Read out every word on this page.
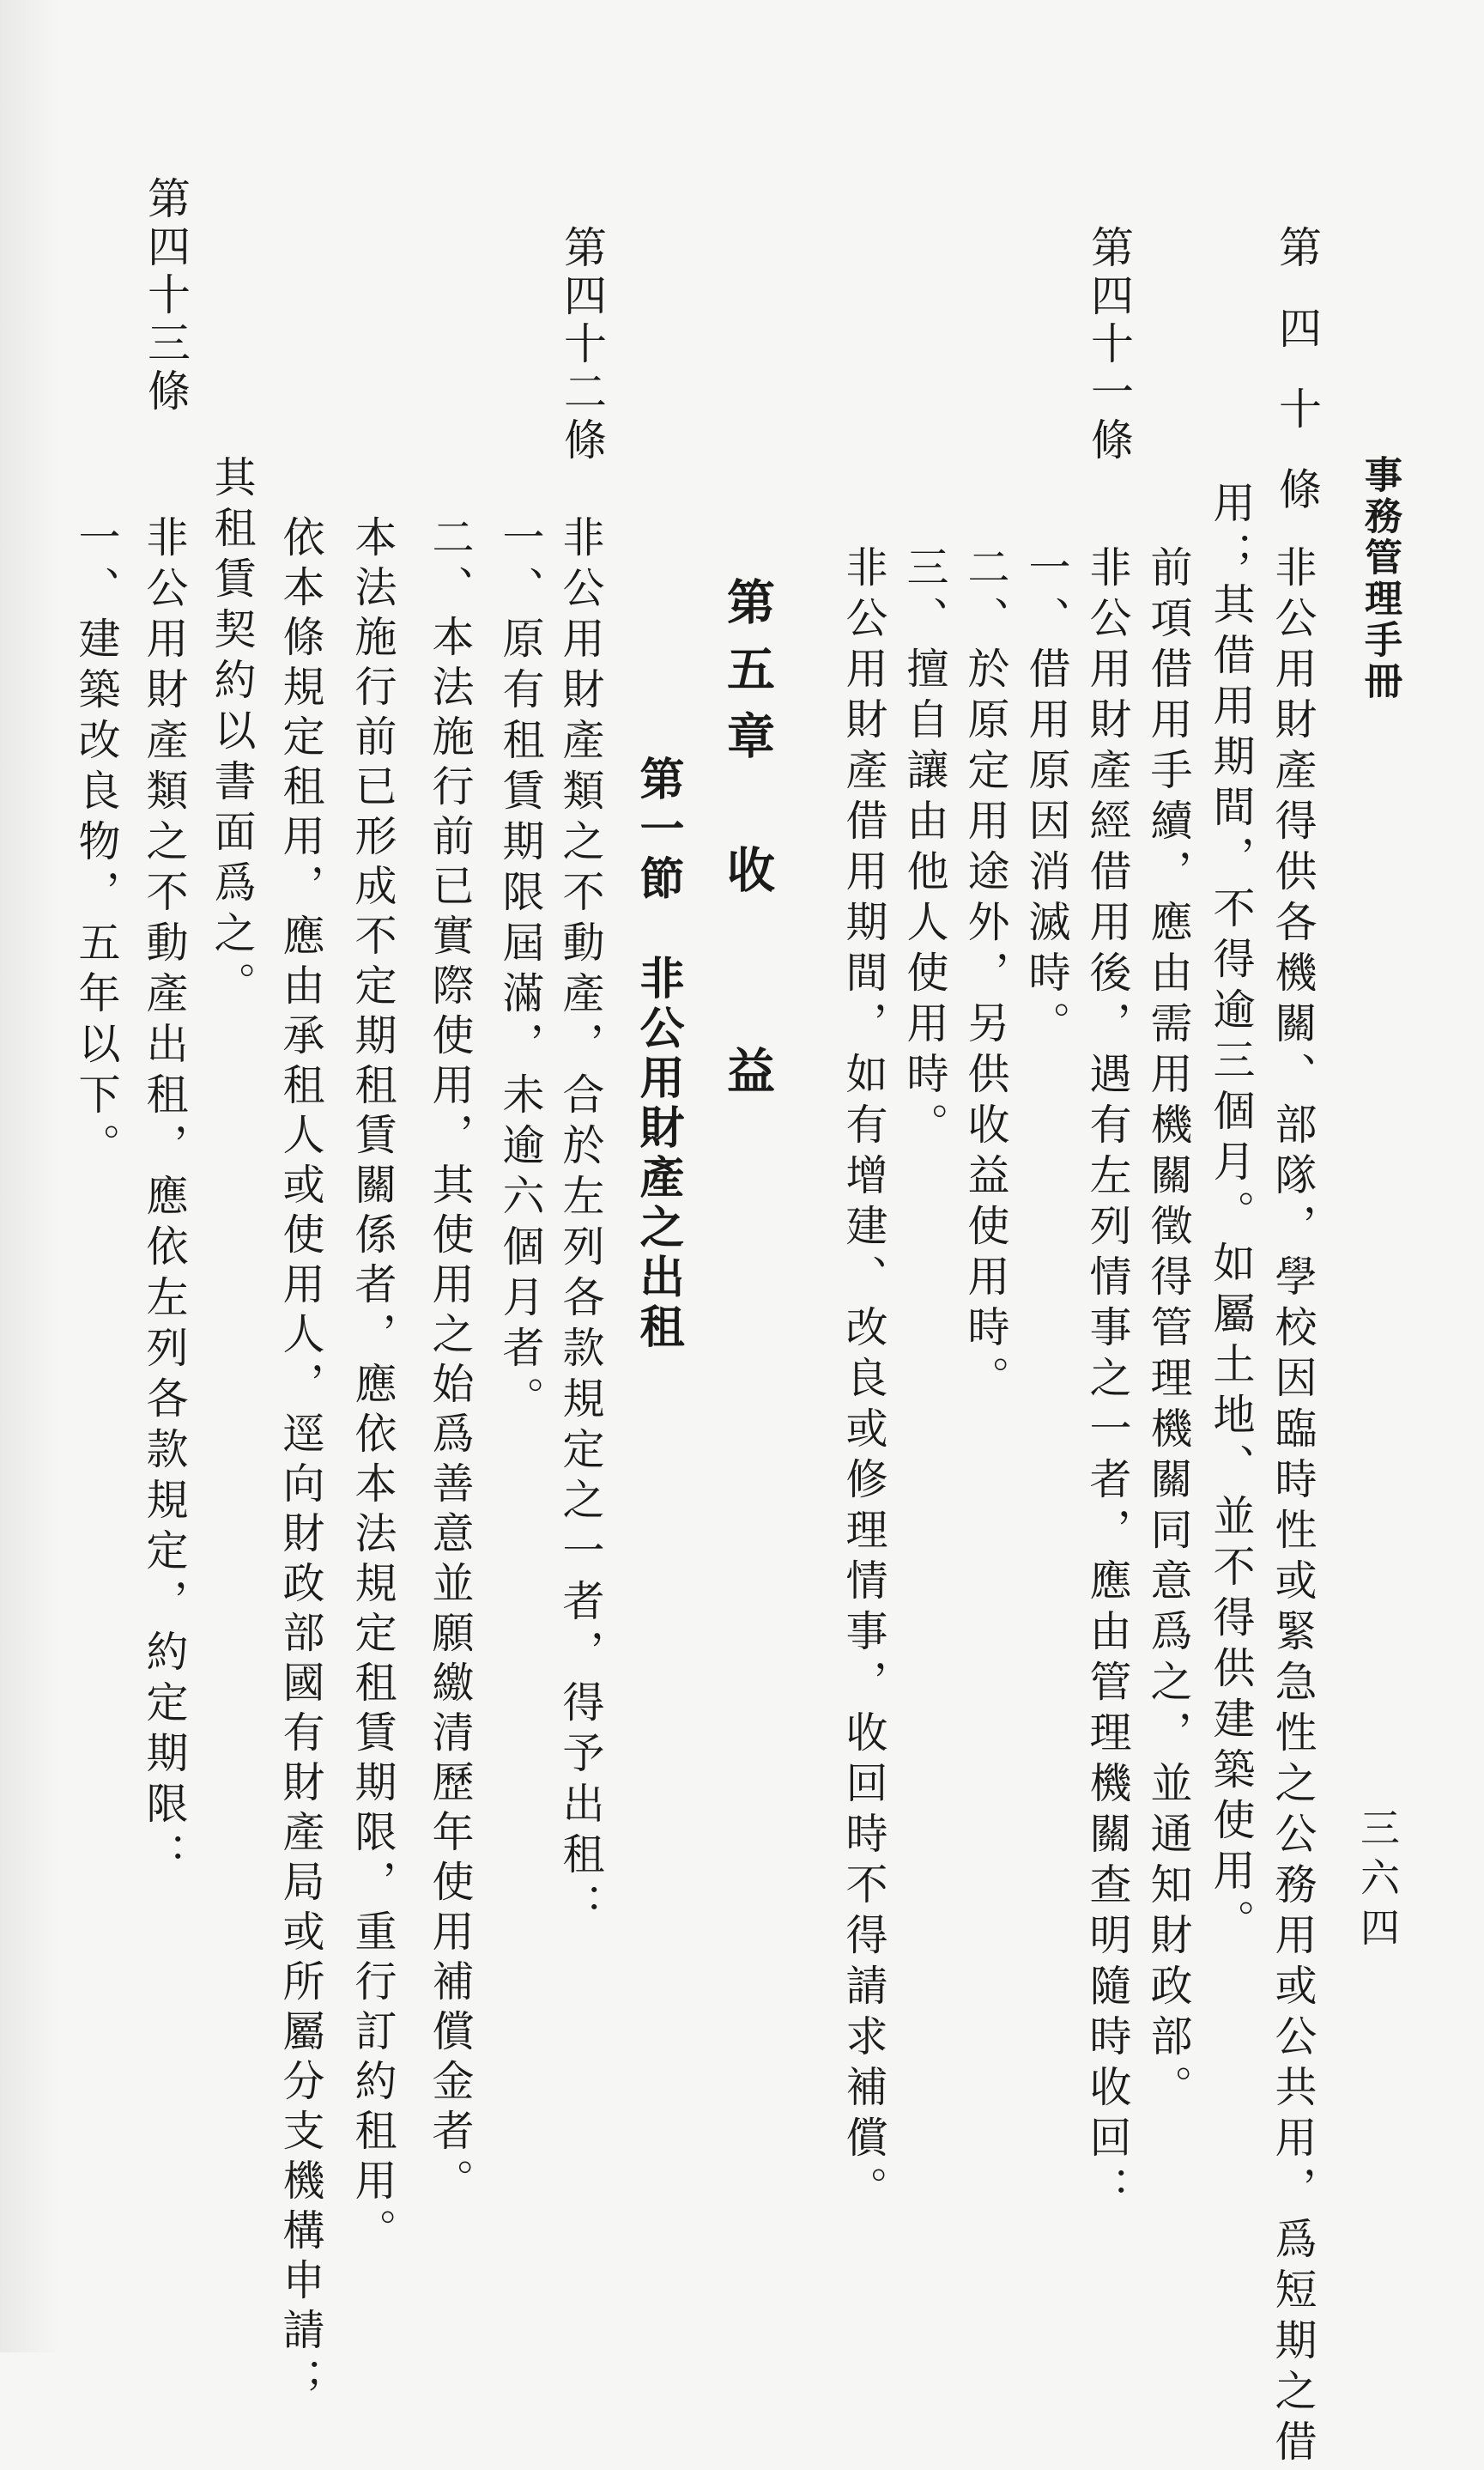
事務管理手冊
三六四
第 四 十 條
非公用財產得供各機關、部隊，學校因臨時性或緊急性之公務用或公共用，爲短期之借
用；其借用期間，不得逾三個月。如屬土地、並不得供建築使用。
前項借用手續，應由需用機關徵得管理機關同意爲之，並通知財政部。
第四十一條
非公用財產經借用後，遇有左列情事之一者，應由管理機關查明隨時收回：
一、借用原因消滅時。
二、於原定用途外，另供收益使用時。
三、擅自讓由他人使用時。
非公用財產借用期間，如有增建、改良或修理情事，收回時不得請求補償。
第五章　收　　益
第一節　非公用財產之出租
第四十二條
非公用財產類之不動產，合於左列各款規定之一者，得予出租：
一、原有租賃期限屆滿，未逾六個月者。
二、本法施行前已實際使用，其使用之始爲善意並願繳清歷年使用補償金者。
本法施行前已形成不定期租賃關係者，應依本法規定租賃期限，重行訂約租用。
依本條規定租用，應由承租人或使用人，逕向財政部國有財產局或所屬分支機構申請；
其租賃契約以書面爲之。
第四十三條
非公用財產類之不動產出租，應依左列各款規定，約定期限：
一、建築改良物，五年以下。
